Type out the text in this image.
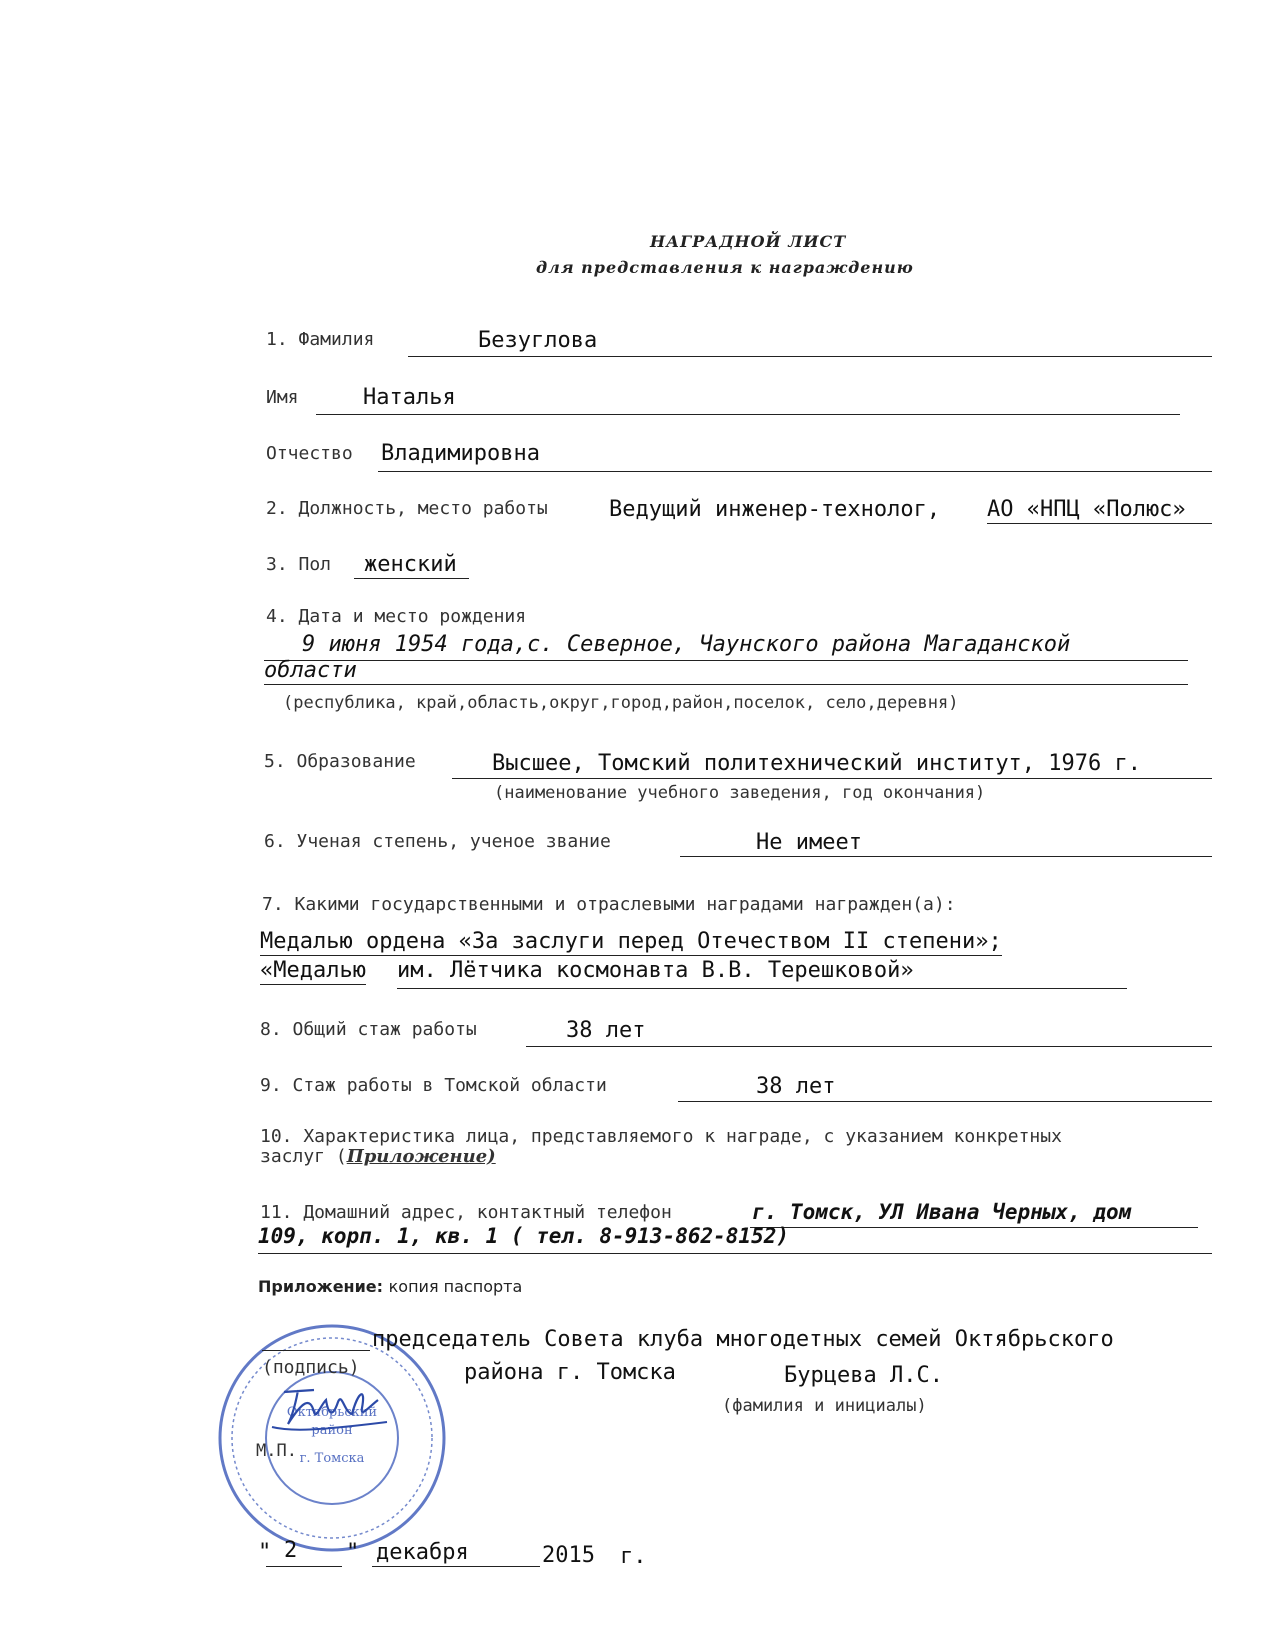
НАГРАДНОЙ ЛИСТ
для представления к награждению
1. Фамилия	Безуглова
Имя	Наталья
Отчество Владимировна
2. Должность, место работы	Ведущий инженер-технолог, АО «НПЦ «Полюс»
3. Пол	женский
4. Дата и место рождения
9 июня 1954 года,с. Северное, Чаунского района Магаданской
области
(республика, край,область,округ,город,район,поселок, село,деревня)
5. Образование	Высшее, Томский политехнический институт, 1976 г.
(наименование учебного заведения, год окончания)
6. Ученая степень, ученое звание	Не имеет
7. Какими государственными и отраслевыми наградами награжден(а):
Медалью ордена «За заслуги перед Отечеством II степени»;
«Медалью им. Лётчика космонавта В.В. Терешковой»
8. Общий стаж работы	38 лет
9. Стаж работы в Томской области	38 лет
10. Характеристика лица, представляемого к награде, с указанием конкретных
заслуг (Приложение)
11. Домашний адрес, контактный телефон	г. Томск, УЛ Ивана Черных, дом
109, корп. 1, кв. 1 ( тел. 8-913-862-8152)
Приложение: копия паспорта
Октябрьский
район
г. Томска
председатель Совета клуба многодетных семей Октябрьского
(подпись)	района г. Томска	Бурцева Л.С.
(фамилия и инициалы)
М.П.
" 2 " декабря	2015 г.
